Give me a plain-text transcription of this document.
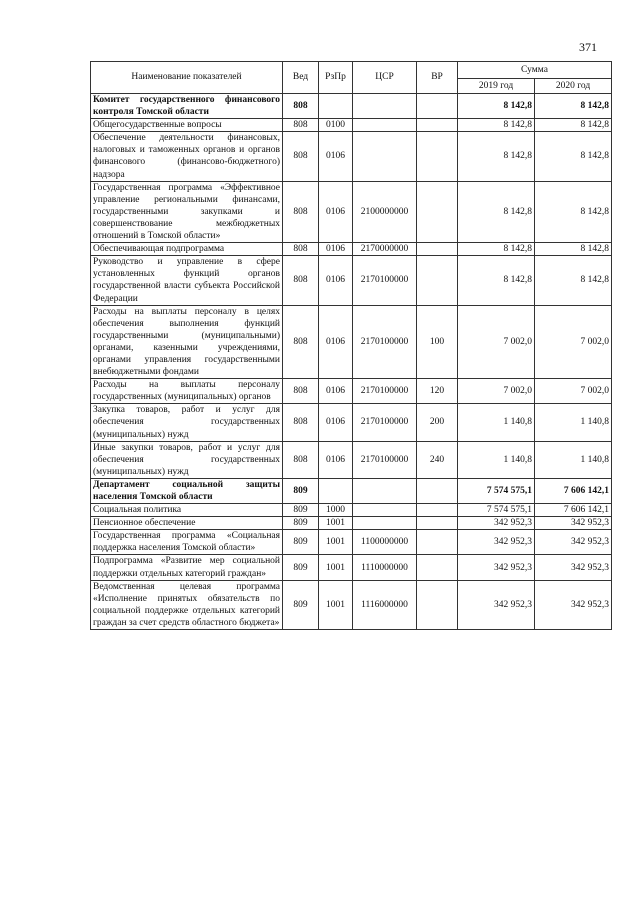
371
Наименование показателей	Вед	РзПр	ЦСР	ВР	Сумма	
					2019 год	2020 год
Комитет государственного финансового контроля Томской области	808				8 142,8	8 142,8
Общегосударственные вопросы	808	0100			8 142,8	8 142,8
Обеспечение деятельности финансовых, налоговых и таможенных органов и органов финансового (финансово-бюджетного) надзора	808	0106			8 142,8	8 142,8
Государственная программа «Эффективное управление региональными финансами, государственными закупками и совершенствование межбюджетных отношений в Томской области»	808	0106	2100000000		8 142,8	8 142,8
Обеспечивающая подпрограмма	808	0106	2170000000		8 142,8	8 142,8
Руководство и управление в сфере установленных функций органов государственной власти субъекта Российской Федерации	808	0106	2170100000		8 142,8	8 142,8
Расходы на выплаты персоналу в целях обеспечения выполнения функций государственными (муниципальными) органами, казенными учреждениями, органами управления государственными внебюджетными фондами	808	0106	2170100000	100	7 002,0	7 002,0
Расходы на выплаты персоналу государственных (муниципальных) органов	808	0106	2170100000	120	7 002,0	7 002,0
Закупка товаров, работ и услуг для обеспечения государственных (муниципальных) нужд	808	0106	2170100000	200	1 140,8	1 140,8
Иные закупки товаров, работ и услуг для обеспечения государственных (муниципальных) нужд	808	0106	2170100000	240	1 140,8	1 140,8
Департамент социальной защиты населения Томской области	809				7 574 575,1	7 606 142,1
Социальная политика	809	1000			7 574 575,1	7 606 142,1
Пенсионное обеспечение	809	1001			342 952,3	342 952,3
Государственная программа «Социальная поддержка населения Томской области»	809	1001	1100000000		342 952,3	342 952,3
Подпрограмма «Развитие мер социальной поддержки отдельных категорий граждан»	809	1001	1110000000		342 952,3	342 952,3
Ведомственная целевая программа «Исполнение принятых обязательств по социальной поддержке отдельных категорий граждан за счет средств областного бюджета»	809	1001	1116000000		342 952,3	342 952,3
